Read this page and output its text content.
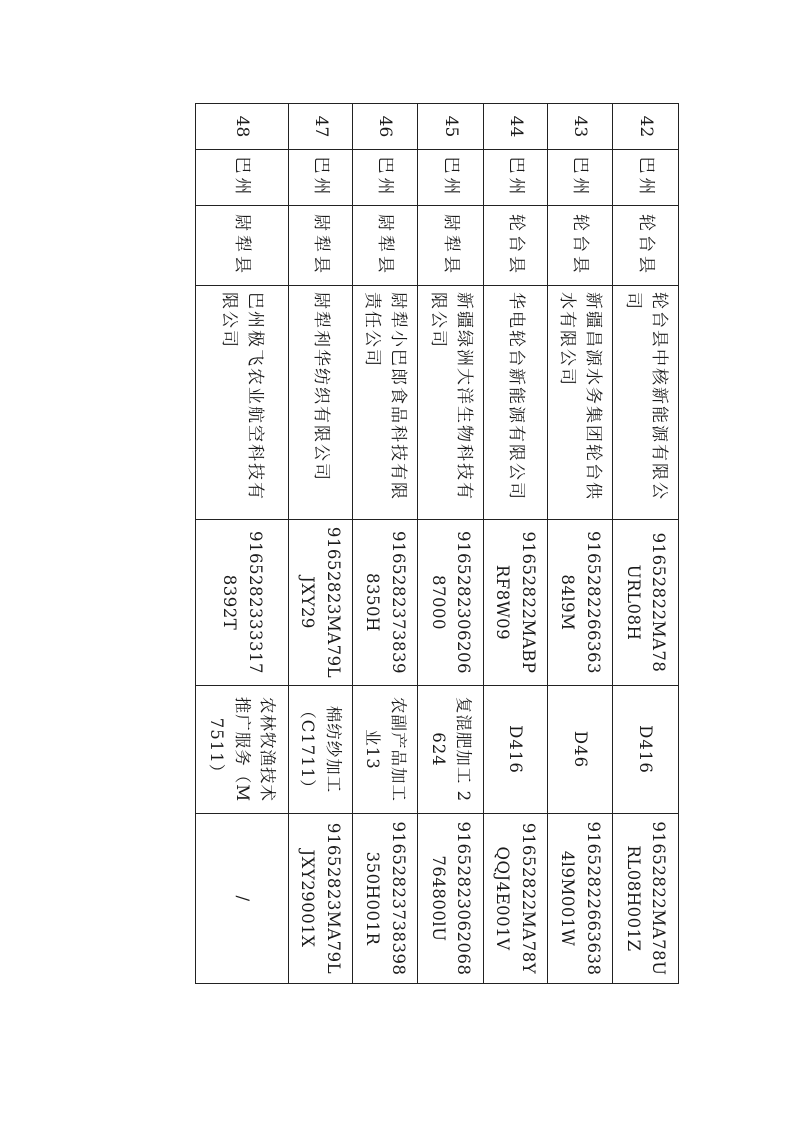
42	巴州	轮台县	轮台县中核新能源有限公司	91652822MA78URL08H	D416	91652822MA78URL08H001Z
43	巴州	轮台县	新疆昌源水务集团轮台供水有限公司	916528226636384l9M	D46	916528226636384l9M001W
44	巴州	轮台县	华电轮台新能源有限公司	91652822MABPRF8W09	D416	91652822MA78YQQJ4E001V
45	巴州	尉犁县	新疆绿洲大洋生物科技有限公司	916528230620687000	复混肥加工 2624	91652823062068764800lU
46	巴州	尉犁县	尉犁小巴郎食品科技有限责任公司	91652823738398350H	农副产品加工业13	91652823738398350H001R
47	巴州	尉犁县	尉犁利华纺织有限公司	91652823MA79LJXY29	棉纺纱加工（C1711）	91652823MA79LJXY29001X
48	巴州	尉犁县	巴州极飞农业航空科技有限公司	91652823333178392T	农林牧渔技术推广服务（M7511）	/
